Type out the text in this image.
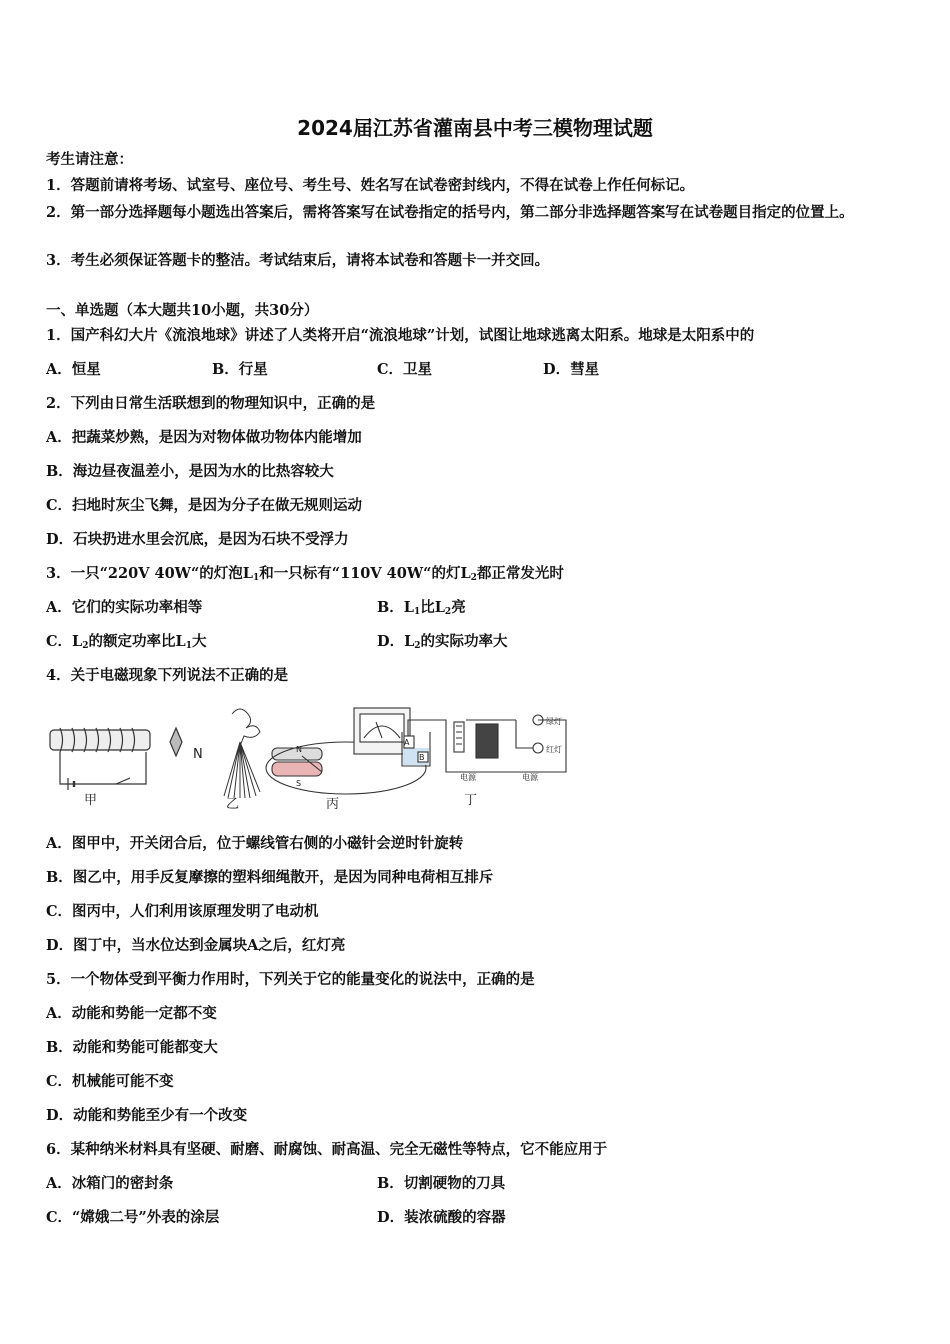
2024届江苏省灌南县中考三模物理试题
考生请注意：
1．答题前请将考场、试室号、座位号、考生号、姓名写在试卷密封线内，不得在试卷上作任何标记。
2．第一部分选择题每小题选出答案后，需将答案写在试卷指定的括号内，第二部分非选择题答案写在试卷题目指定的位置上。
3．考生必须保证答题卡的整洁。考试结束后，请将本试卷和答题卡一并交回。
一、单选题（本大题共10小题，共30分）
1．国产科幻大片《流浪地球》讲述了人类将开启“流浪地球”计划，试图让地球逃离太阳系。地球是太阳系中的
A．恒星	B．行星	C．卫星	D．彗星
2．下列由日常生活联想到的物理知识中，正确的是
A．把蔬菜炒熟，是因为对物体做功物体内能增加
B．海边昼夜温差小，是因为水的比热容较大
C．扫地时灰尘飞舞，是因为分子在做无规则运动
D．石块扔进水里会沉底，是因为石块不受浮力
3．一只“220V 40W“的灯泡$L_1$和一只标有“110V 40W“的灯$L_2$都正常发光时
A．它们的实际功率相等	B．$L_1$比$L_2$亮
C．$L_2$的额定功率比$L_1$大	D．$L_2$的实际功率大
4．关于电磁现象下列说法不正确的是
N
甲	乙
N
S
丙
A
B
绿灯
红灯
电源	电源
丁
A．图甲中，开关闭合后，位于螺线管右侧的小磁针会逆时针旋转
B．图乙中，用手反复摩擦的塑料细绳散开，是因为同种电荷相互排斥
C．图丙中，人们利用该原理发明了电动机
D．图丁中，当水位达到金属块A之后，红灯亮
5．一个物体受到平衡力作用时，下列关于它的能量变化的说法中，正确的是
A．动能和势能一定都不变
B．动能和势能可能都变大
C．机械能可能不变
D．动能和势能至少有一个改变
6．某种纳米材料具有坚硬、耐磨、耐腐蚀、耐高温、完全无磁性等特点，它不能应用于
A．冰箱门的密封条	B．切割硬物的刀具
C．“嫦娥二号”外表的涂层	D．装浓硫酸的容器
